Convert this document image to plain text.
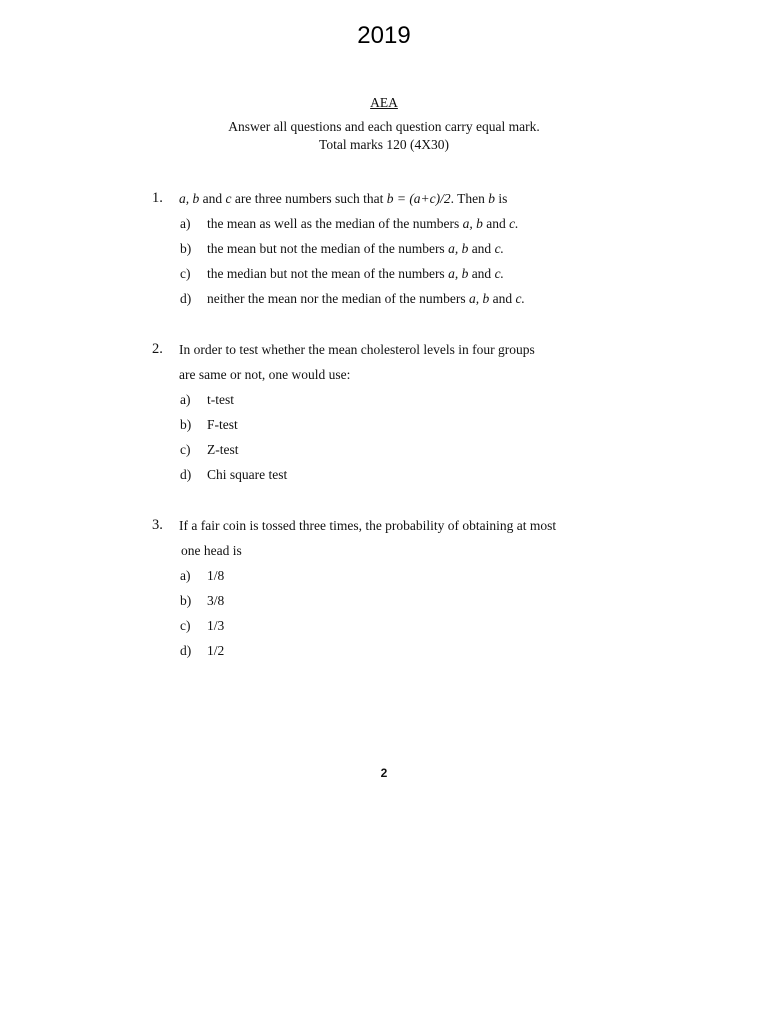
2019
AEA
Answer all questions and each question carry equal mark.
Total marks 120 (4X30)
1. a, b and c are three numbers such that b = (a+c)/2. Then b is
a) the mean as well as the median of the numbers a, b and c.
b) the mean but not the median of the numbers a, b and c.
c) the median but not the mean of the numbers a, b and c.
d) neither the mean nor the median of the numbers a, b and c.
2. In order to test whether the mean cholesterol levels in four groups
are same or not, one would use:
a) t-test
b) F-test
c) Z-test
d) Chi square test
3. If a fair coin is tossed three times, the probability of obtaining at most
one head is
a) 1/8
b) 3/8
c) 1/3
d) 1/2
2
